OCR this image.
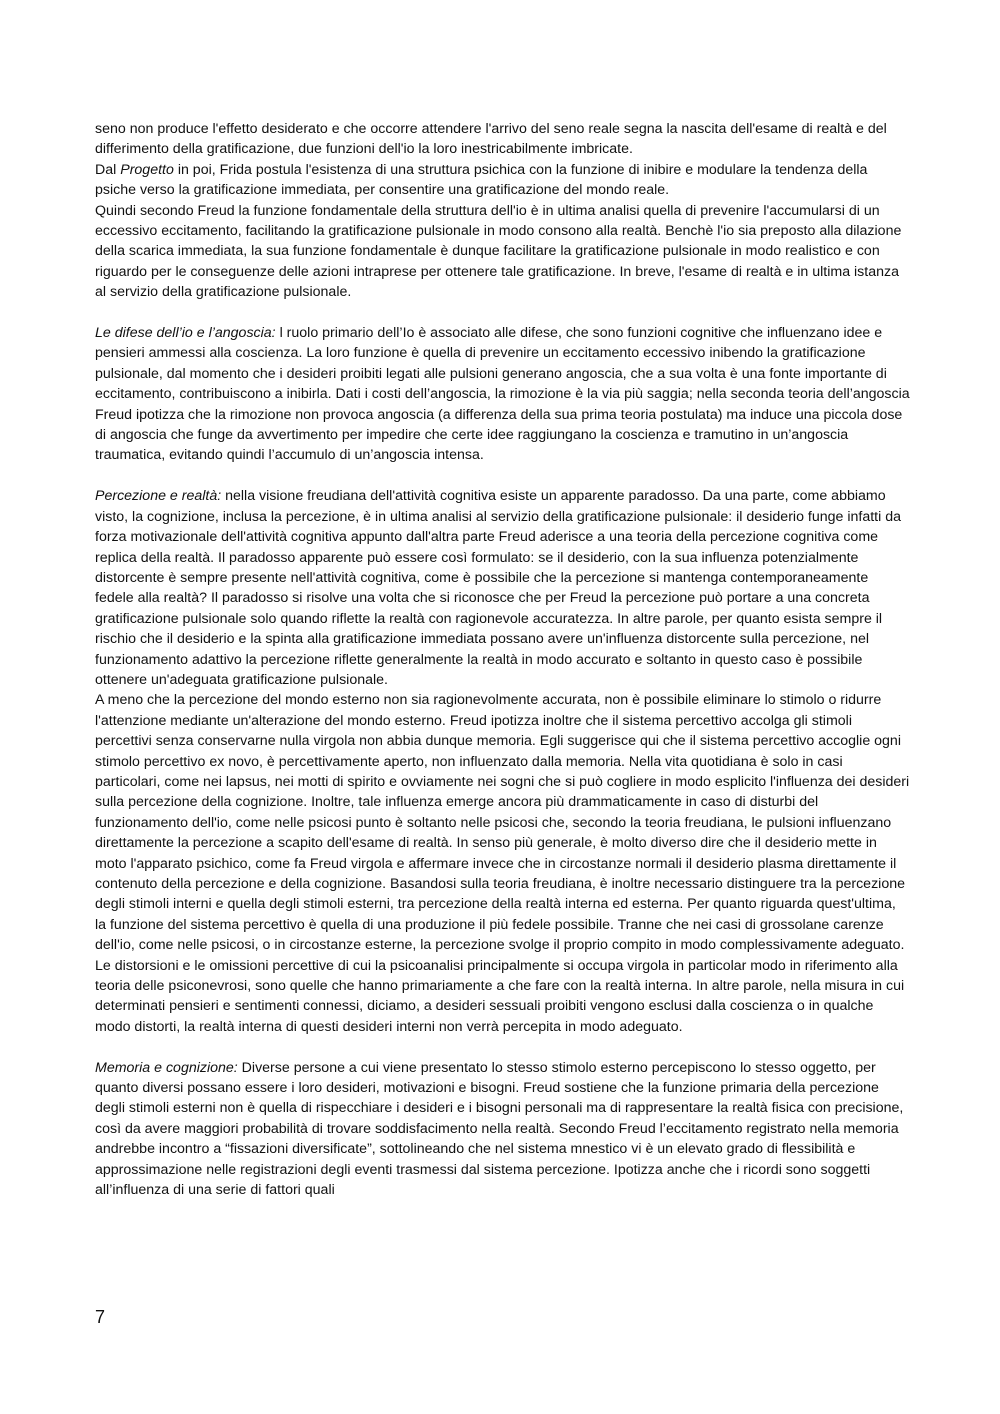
seno non produce l'effetto desiderato e che occorre attendere l'arrivo del seno reale segna la nascita dell'esame di realtà e del differimento della gratificazione, due funzioni dell'io la loro inestricabilmente imbricate.

Dal Progetto in poi, Frida postula l'esistenza di una struttura psichica con la funzione di inibire e modulare la tendenza della psiche verso la gratificazione immediata, per consentire una gratificazione del mondo reale.

Quindi secondo Freud la funzione fondamentale della struttura dell'io è in ultima analisi quella di prevenire l'accumularsi di un eccessivo eccitamento, facilitando la gratificazione pulsionale in modo consono alla realtà. Benchè l'io sia preposto alla dilazione della scarica immediata, la sua funzione fondamentale è dunque facilitare la gratificazione pulsionale in modo realistico e con riguardo per le conseguenze delle azioni intraprese per ottenere tale gratificazione. In breve, l'esame di realtà e in ultima istanza al servizio della gratificazione pulsionale.

Le difese dell’io e l’angoscia: l ruolo primario dell’Io è associato alle difese, che sono funzioni cognitive che influenzano idee e pensieri ammessi alla coscienza. La loro funzione è quella di prevenire un eccitamento eccessivo inibendo la gratificazione pulsionale, dal momento che i desideri proibiti legati alle pulsioni generano angoscia, che a sua volta è una fonte importante di eccitamento, contribuiscono a inibirla. Dati i costi dell’angoscia, la rimozione è la via più saggia; nella seconda teoria dell’angoscia Freud ipotizza che la rimozione non provoca angoscia (a differenza della sua prima teoria postulata) ma induce una piccola dose di angoscia che funge da avvertimento per impedire che certe idee raggiungano la coscienza e tramutino in un’angoscia traumatica, evitando quindi l’accumulo di un’angoscia intensa.

Percezione e realtà: nella visione freudiana dell'attività cognitiva esiste un apparente paradosso. Da una parte, come abbiamo visto, la cognizione, inclusa la percezione, è in ultima analisi al servizio della gratificazione pulsionale: il desiderio funge infatti da forza motivazionale dell'attività cognitiva appunto dall'altra parte Freud aderisce a una teoria della percezione cognitiva come replica della realtà. Il paradosso apparente può essere così formulato: se il desiderio, con la sua influenza potenzialmente distorcente è sempre presente nell'attività cognitiva, come è possibile che la percezione si mantenga contemporaneamente fedele alla realtà? Il paradosso si risolve una volta che si riconosce che per Freud la percezione può portare a una concreta gratificazione pulsionale solo quando riflette la realtà con ragionevole accuratezza. In altre parole, per quanto esista sempre il rischio che il desiderio e la spinta alla gratificazione immediata possano avere un'influenza distorcente sulla percezione, nel funzionamento adattivo la percezione riflette generalmente la realtà in modo accurato e soltanto in questo caso è possibile ottenere un'adeguata gratificazione pulsionale.

A meno che la percezione del mondo esterno non sia ragionevolmente accurata, non è possibile eliminare lo stimolo o ridurre l'attenzione mediante un'alterazione del mondo esterno. Freud ipotizza inoltre che il sistema percettivo accolga gli stimoli percettivi senza conservarne nulla virgola non abbia dunque memoria. Egli suggerisce qui che il sistema percettivo accoglie ogni stimolo percettivo ex novo, è percettivamente aperto, non influenzato dalla memoria. Nella vita quotidiana è solo in casi particolari, come nei lapsus, nei motti di spirito e ovviamente nei sogni che si può cogliere in modo esplicito l'influenza dei desideri sulla percezione della cognizione. Inoltre, tale influenza emerge ancora più drammaticamente in caso di disturbi del funzionamento dell'io, come nelle psicosi punto è soltanto nelle psicosi che, secondo la teoria freudiana, le pulsioni influenzano direttamente la percezione a scapito dell'esame di realtà. In senso più generale, è molto diverso dire che il desiderio mette in moto l'apparato psichico, come fa Freud virgola e affermare invece che in circostanze normali il desiderio plasma direttamente il contenuto della percezione e della cognizione. Basandosi sulla teoria freudiana, è inoltre necessario distinguere tra la percezione degli stimoli interni e quella degli stimoli esterni, tra percezione della realtà interna ed esterna. Per quanto riguarda quest'ultima, la funzione del sistema percettivo è quella di una produzione il più fedele possibile. Tranne che nei casi di grossolane carenze dell'io, come nelle psicosi, o in circostanze esterne, la percezione svolge il proprio compito in modo complessivamente adeguato. Le distorsioni e le omissioni percettive di cui la psicoanalisi principalmente si occupa virgola in particolar modo in riferimento alla teoria delle psiconevrosi, sono quelle che hanno primariamente a che fare con la realtà interna. In altre parole, nella misura in cui determinati pensieri e sentimenti connessi, diciamo, a desideri sessuali proibiti vengono esclusi dalla coscienza o in qualche modo distorti, la realtà interna di questi desideri interni non verrà percepita in modo adeguato.

Memoria e cognizione: Diverse persone a cui viene presentato lo stesso stimolo esterno percepiscono lo stesso oggetto, per quanto diversi possano essere i loro desideri, motivazioni e bisogni. Freud sostiene che la funzione primaria della percezione degli stimoli esterni non è quella di rispecchiare i desideri e i bisogni personali ma di rappresentare la realtà fisica con precisione, così da avere maggiori probabilità di trovare soddisfacimento nella realtà. Secondo Freud l’eccitamento registrato nella memoria andrebbe incontro a “fissazioni diversificate”, sottolineando che nel sistema mnestico vi è un elevato grado di flessibilità e approssimazione nelle registrazioni degli eventi trasmessi dal sistema percezione. Ipotizza anche che i ricordi sono soggetti all’influenza di una serie di fattori quali

7
